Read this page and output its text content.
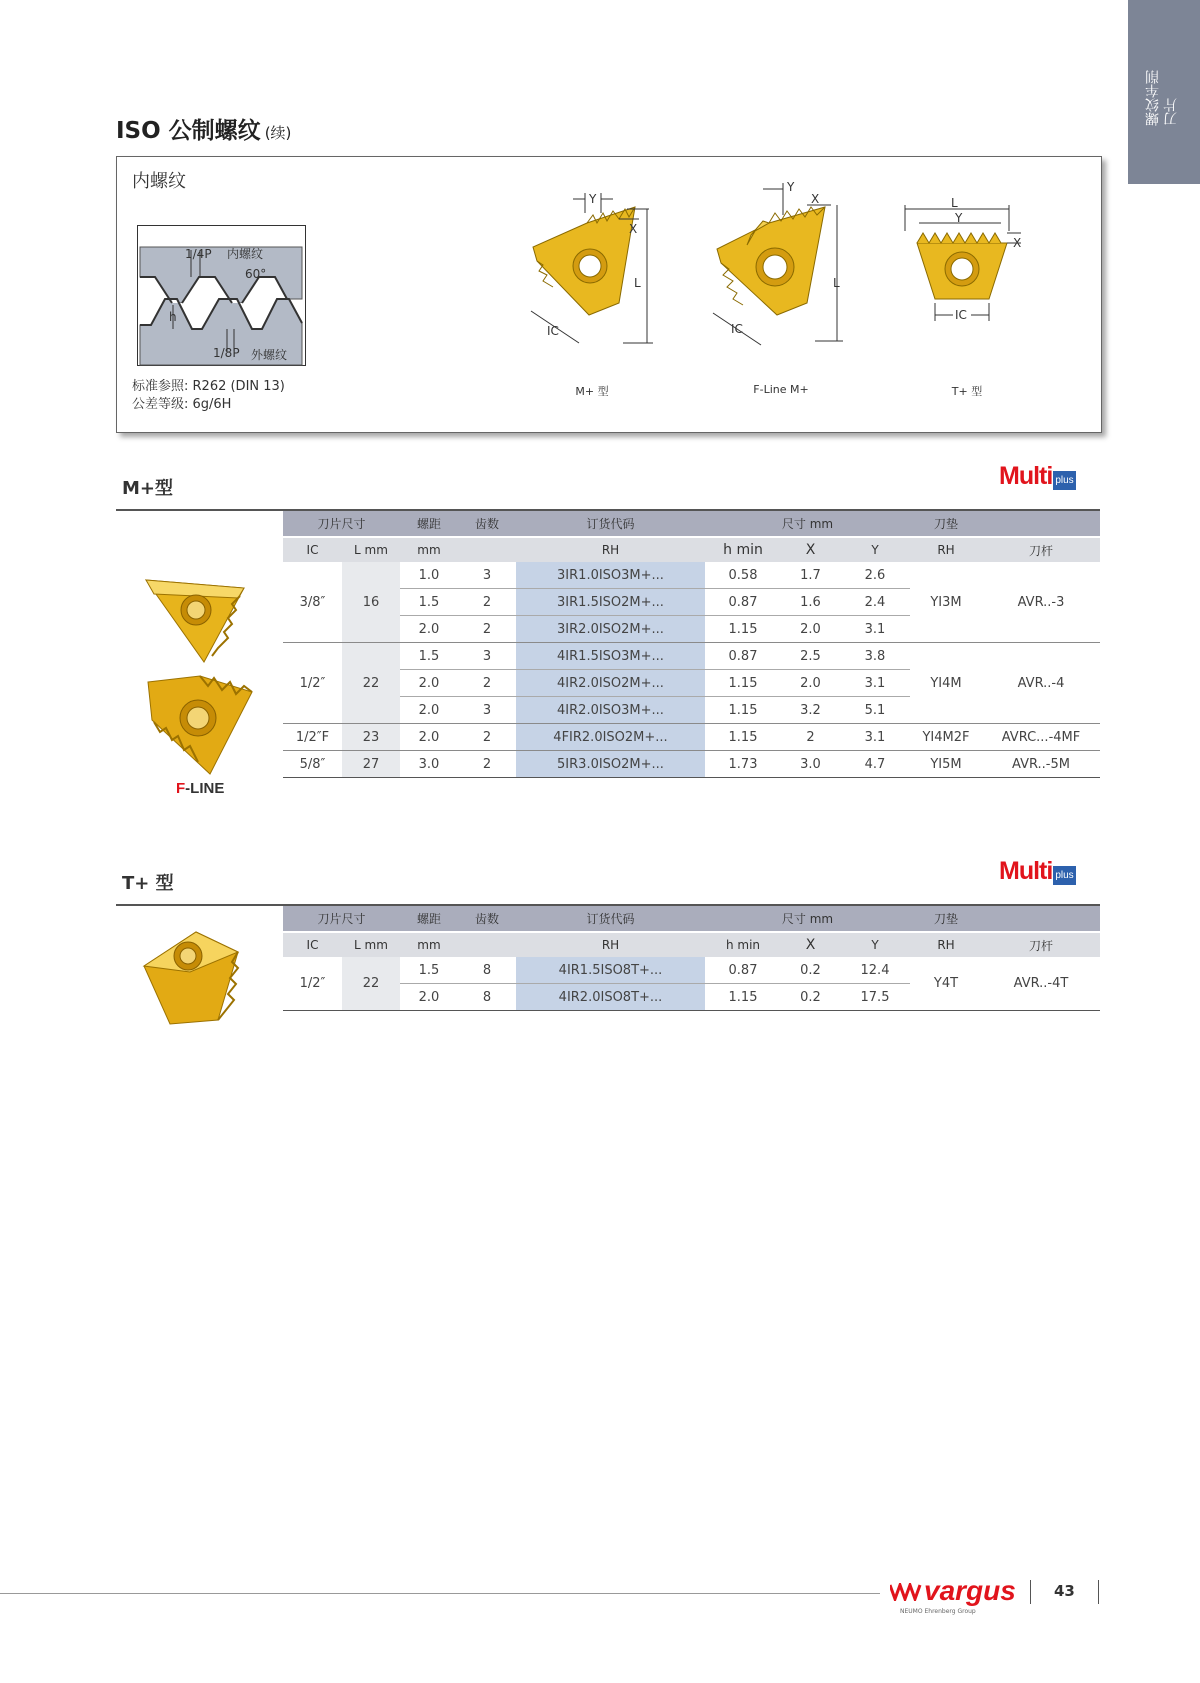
螺纹车削
刀片
ISO 公制螺纹 (续)
内螺纹
1/4P 内螺纹
60°
h
1/8P 外螺纹
标准参照: R262 (DIN 13)
公差等级: 6g/6H
Y
X
L
IC
M+ 型
Y
X
L
IC
F-Line M+
L
Y
X
IC
T+ 型
M+型	Multi plus
F-LINE
刀片尺寸		螺距	齿数	订货代码	尺寸 mm			刀垫	
IC	L mm	mm		RH	h min	X	Y	RH	刀杆
3/8″	16	1.0	3	3IR1.0ISO3M+...	0.58	1.7	2.6	YI3M	AVR..-3
		1.5	2	3IR1.5ISO2M+...	0.87	1.6	2.4		
		2.0	2	3IR2.0ISO2M+...	1.15	2.0	3.1		
1/2″	22	1.5	3	4IR1.5ISO3M+...	0.87	2.5	3.8	YI4M	AVR..-4
		2.0	2	4IR2.0ISO2M+...	1.15	2.0	3.1		
		2.0	3	4IR2.0ISO3M+...	1.15	3.2	5.1		
1/2″F	23	2.0	2	4FIR2.0ISO2M+...	1.15	2	3.1	YI4M2F	AVRC...-4MF
5/8″	27	3.0	2	5IR3.0ISO2M+...	1.73	3.0	4.7	YI5M	AVR..-5M
T+ 型	Multi plus
刀片尺寸		螺距	齿数	订货代码	尺寸 mm			刀垫	
IC	L mm	mm		RH	h min	X	Y	RH	刀杆
1/2″	22	1.5	8	4IR1.5ISO8T+...	0.87	0.2	12.4	Y4T	AVR..-4T
		2.0	8	4IR2.0ISO8T+...	1.15	0.2	17.5		
vargus
NEUMO Ehrenberg Group
43
